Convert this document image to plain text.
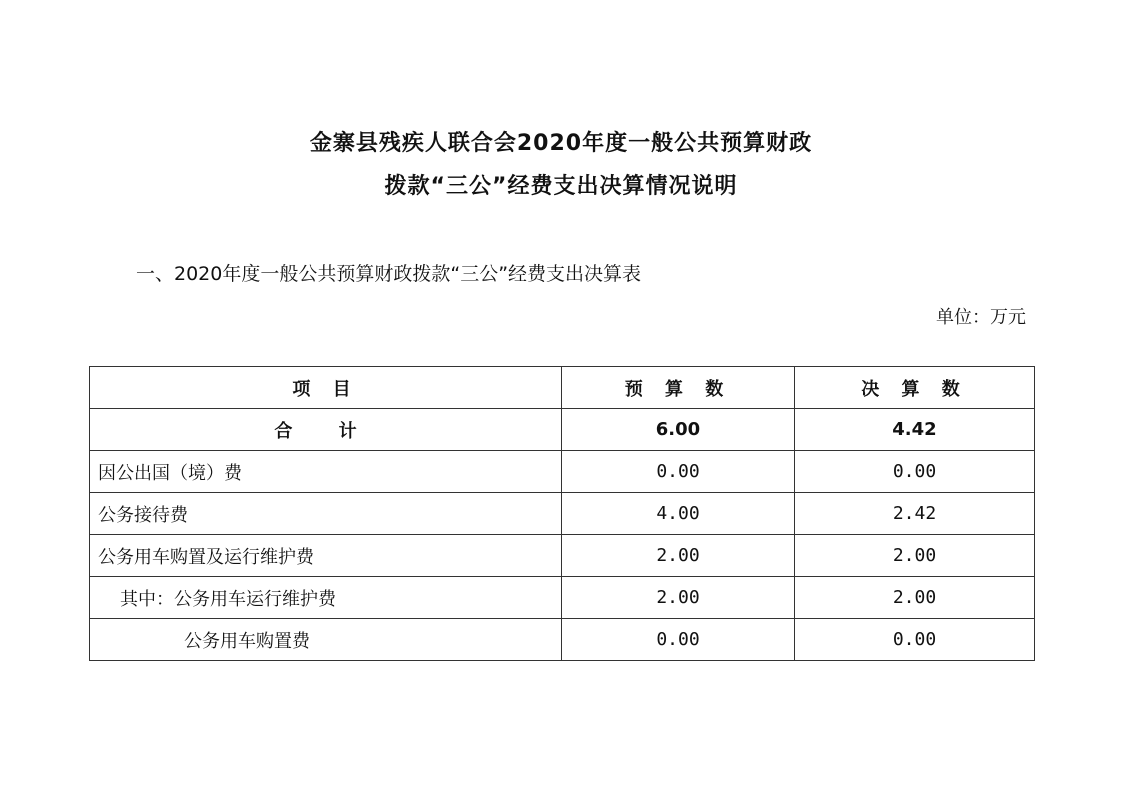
金寨县残疾人联合会2020年度一般公共预算财政
拨款“三公”经费支出决算情况说明
一、2020年度一般公共预算财政拨款“三公”经费支出决算表
单位：万元
项 目	预 算 数	决 算 数
合 计	6.00	4.42
因公出国（境）费	0.00	0.00
公务接待费	4.00	2.42
公务用车购置及运行维护费	2.00	2.00
其中：公务用车运行维护费	2.00	2.00
公务用车购置费	0.00	0.00
